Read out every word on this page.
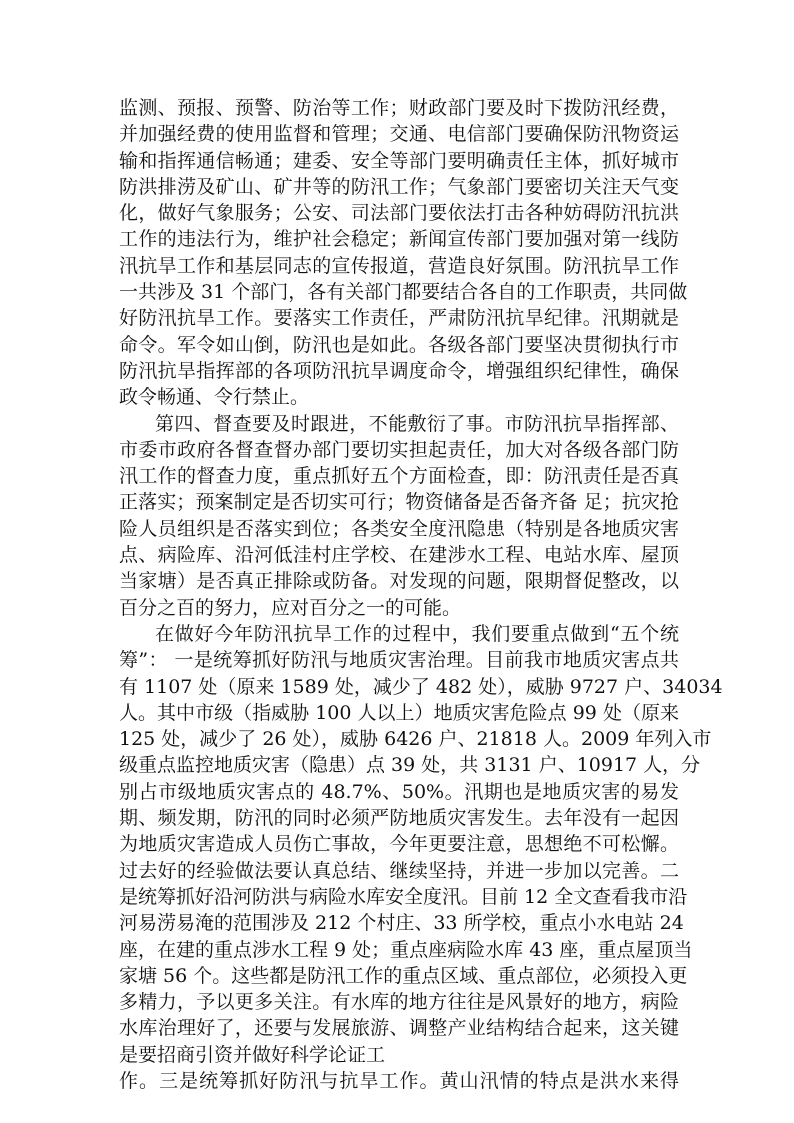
监测、预报、预警、防治等工作；财政部门要及时下拨防汛经费，
并加强经费的使用监督和管理；交通、电信部门要确保防汛物资运
输和指挥通信畅通；建委、安全等部门要明确责任主体，抓好城市
防洪排涝及矿山、矿井等的防汛工作；气象部门要密切关注天气变
化，做好气象服务；公安、司法部门要依法打击各种妨碍防汛抗洪
工作的违法行为，维护社会稳定；新闻宣传部门要加强对第一线防
汛抗旱工作和基层同志的宣传报道，营造良好氛围。防汛抗旱工作
一共涉及 31 个部门，各有关部门都要结合各自的工作职责，共同做
好防汛抗旱工作。要落实工作责任，严肃防汛抗旱纪律。汛期就是
命令。军令如山倒，防汛也是如此。各级各部门要坚决贯彻执行市
防汛抗旱指挥部的各项防汛抗旱调度命令，增强组织纪律性，确保
政令畅通、令行禁止。
第四、督查要及时跟进，不能敷衍了事。市防汛抗旱指挥部、
市委市政府各督查督办部门要切实担起责任，加大对各级各部门防
汛工作的督查力度，重点抓好五个方面检查，即：防汛责任是否真
正落实；预案制定是否切实可行；物资储备是否备齐备 足；抗灾抢
险人员组织是否落实到位；各类安全度汛隐患（特别是各地质灾害
点、病险库、沿河低洼村庄学校、在建涉水工程、电站水库、屋顶
当家塘）是否真正排除或防备。对发现的问题，限期督促整改，以
百分之百的努力，应对百分之一的可能。
在做好今年防汛抗旱工作的过程中，我们要重点做到“五个统
筹”： 一是统筹抓好防汛与地质灾害治理。目前我市地质灾害点共
有 1107 处（原来 1589 处，减少了 482 处），威胁 9727 户、34034
人。其中市级（指威胁 100 人以上）地质灾害危险点 99 处（原来
125 处，减少了 26 处），威胁 6426 户、21818 人。2009 年列入市
级重点监控地质灾害（隐患）点 39 处，共 3131 户、10917 人，分
别占市级地质灾害点的 48.7%、50%。汛期也是地质灾害的易发
期、频发期，防汛的同时必须严防地质灾害发生。去年没有一起因
为地质灾害造成人员伤亡事故，今年更要注意，思想绝不可松懈。
过去好的经验做法要认真总结、继续坚持，并进一步加以完善。二
是统筹抓好沿河防洪与病险水库安全度汛。目前 12 全文查看我市沿
河易涝易淹的范围涉及 212 个村庄、33 所学校，重点小水电站 24
座，在建的重点涉水工程 9 处；重点座病险水库 43 座，重点屋顶当
家塘 56 个。这些都是防汛工作的重点区域、重点部位，必须投入更
多精力，予以更多关注。有水库的地方往往是风景好的地方，病险
水库治理好了，还要与发展旅游、调整产业结构结合起来，这关键
是要招商引资并做好科学论证工
作。三是统筹抓好防汛与抗旱工作。黄山汛情的特点是洪水来得
